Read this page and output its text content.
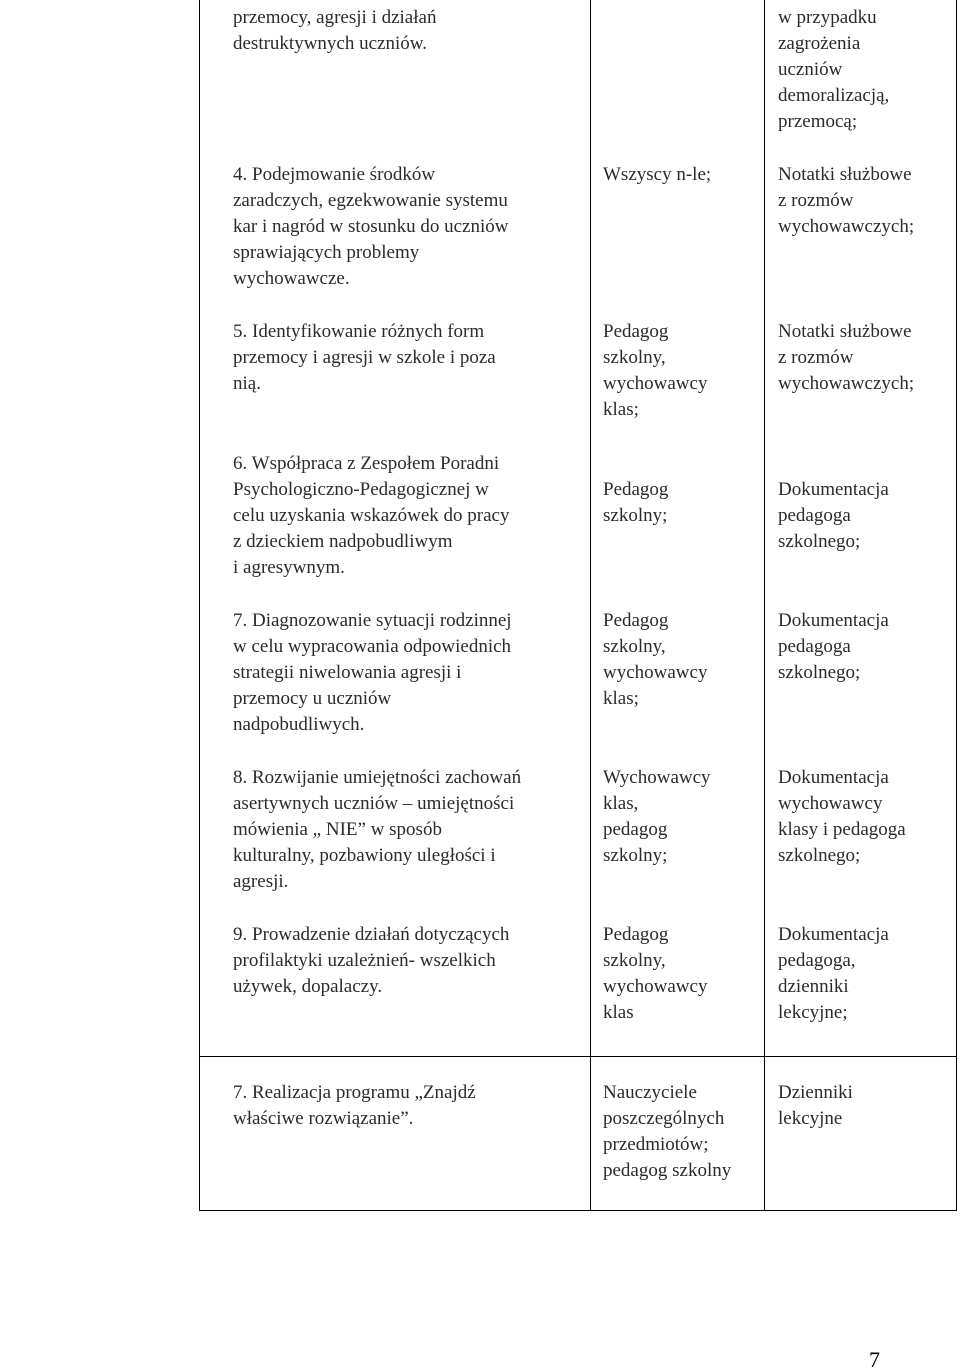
przemocy, agresji i działań
destruktywnych uczniów.
w przypadku
zagrożenia
uczniów
demoralizacją,
przemocą;
4. Podejmowanie środków
zaradczych, egzekwowanie systemu
kar i nagród w stosunku do uczniów
sprawiających problemy
wychowawcze.
Wszyscy n-le;	Notatki służbowe
z rozmów
wychowawczych;
5. Identyfikowanie różnych form
przemocy i agresji w szkole i poza
nią.
Pedagog
szkolny,
wychowawcy
klas;
Notatki służbowe
z rozmów
wychowawczych;
6. Współpraca z Zespołem Poradni
Psychologiczno-Pedagogicznej w
celu uzyskania wskazówek do pracy
z dzieckiem nadpobudliwym
i agresywnym.
Pedagog
szkolny;
Dokumentacja
pedagoga
szkolnego;
7. Diagnozowanie sytuacji rodzinnej
w celu wypracowania odpowiednich
strategii niwelowania agresji i
przemocy u uczniów
nadpobudliwych.
Pedagog
szkolny,
wychowawcy
klas;
Dokumentacja
pedagoga
szkolnego;
8. Rozwijanie umiejętności zachowań
asertywnych uczniów – umiejętności
mówienia „ NIE” w sposób
kulturalny, pozbawiony uległości i
agresji.
Wychowawcy
klas,
pedagog
szkolny;
Dokumentacja
wychowawcy
klasy i pedagoga
szkolnego;
9. Prowadzenie działań dotyczących
profilaktyki uzależnień- wszelkich
używek, dopalaczy.
Pedagog
szkolny,
wychowawcy
klas
Dokumentacja
pedagoga,
dzienniki
lekcyjne;
7. Realizacja programu „Znajdź
właściwe rozwiązanie”.
Nauczyciele
poszczególnych
przedmiotów;
pedagog szkolny
Dzienniki
lekcyjne
7
